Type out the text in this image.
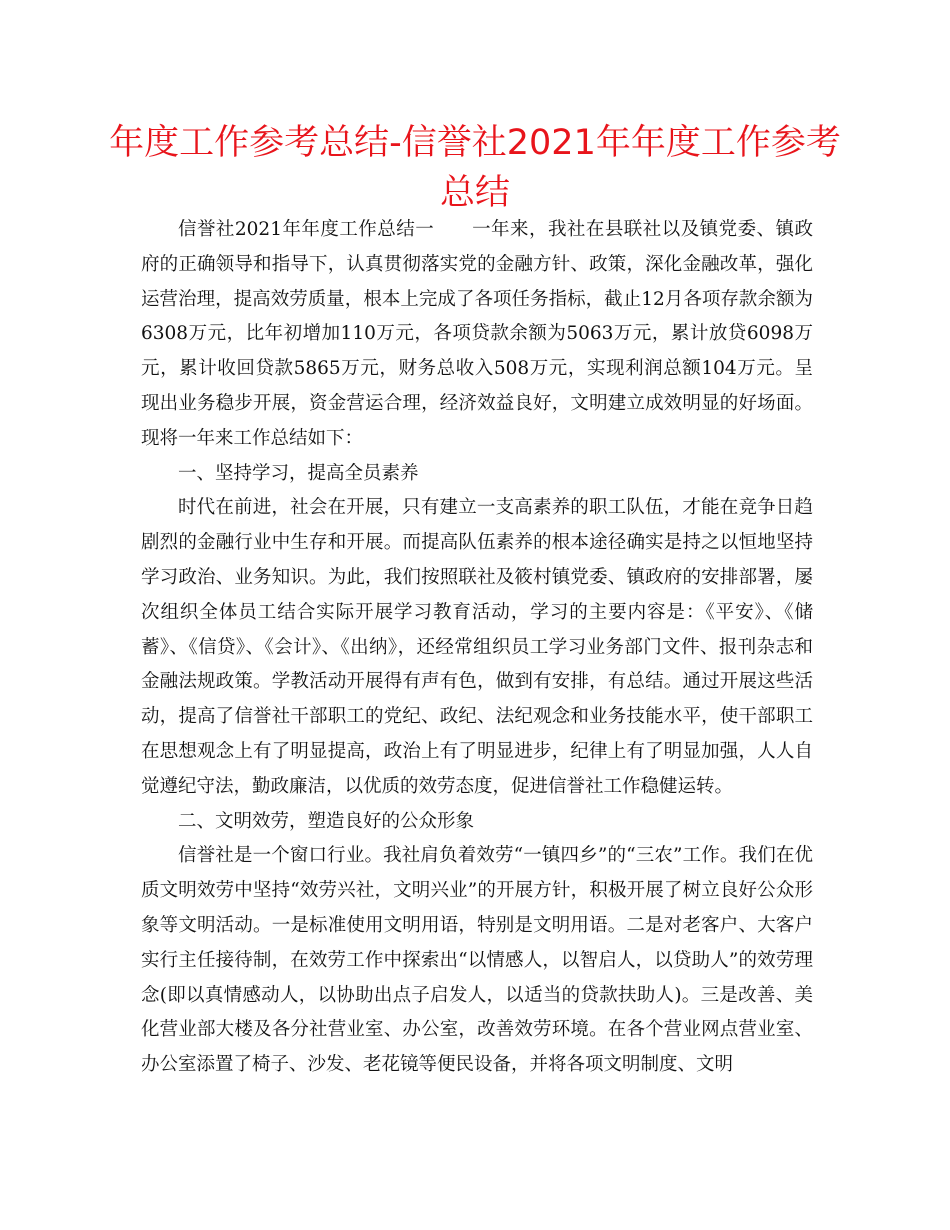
年度工作参考总结-信誉社2021年年度工作参考总结

信誉社2021年年度工作总结一　　一年来，我社在县联社以及镇党委、镇政府的正确领导和指导下，认真贯彻落实党的金融方针、政策，深化金融改革，强化运营治理，提高效劳质量，根本上完成了各项任务指标，截止12月各项存款余额为6308万元，比年初增加110万元，各项贷款余额为5063万元，累计放贷6098万元，累计收回贷款5865万元，财务总收入508万元，实现利润总额104万元。呈现出业务稳步开展，资金营运合理，经济效益良好，文明建立成效明显的好场面。现将一年来工作总结如下：

一、坚持学习，提高全员素养

时代在前进，社会在开展，只有建立一支高素养的职工队伍，才能在竞争日趋剧烈的金融行业中生存和开展。而提高队伍素养的根本途径确实是持之以恒地坚持学习政治、业务知识。为此，我们按照联社及筱村镇党委、镇政府的安排部署，屡次组织全体员工结合实际开展学习教育活动，学习的主要内容是：《平安》、《储蓄》、《信贷》、《会计》、《出纳》，还经常组织员工学习业务部门文件、报刊杂志和金融法规政策。学教活动开展得有声有色，做到有安排，有总结。通过开展这些活动，提高了信誉社干部职工的党纪、政纪、法纪观念和业务技能水平，使干部职工在思想观念上有了明显提高，政治上有了明显进步，纪律上有了明显加强，人人自觉遵纪守法，勤政廉洁，以优质的效劳态度，促进信誉社工作稳健运转。

二、文明效劳，塑造良好的公众形象

信誉社是一个窗口行业。我社肩负着效劳“一镇四乡”的“三农”工作。我们在优质文明效劳中坚持“效劳兴社，文明兴业”的开展方针，积极开展了树立良好公众形象等文明活动。一是标准使用文明用语，特别是文明用语。二是对老客户、大客户实行主任接待制，在效劳工作中探索出“以情感人，以智启人，以贷助人”的效劳理念(即以真情感动人，以协助出点子启发人，以适当的贷款扶助人)。三是改善、美化营业部大楼及各分社营业室、办公室，改善效劳环境。在各个营业网点营业室、办公室添置了椅子、沙发、老花镜等便民设备，并将各项文明制度、文明
